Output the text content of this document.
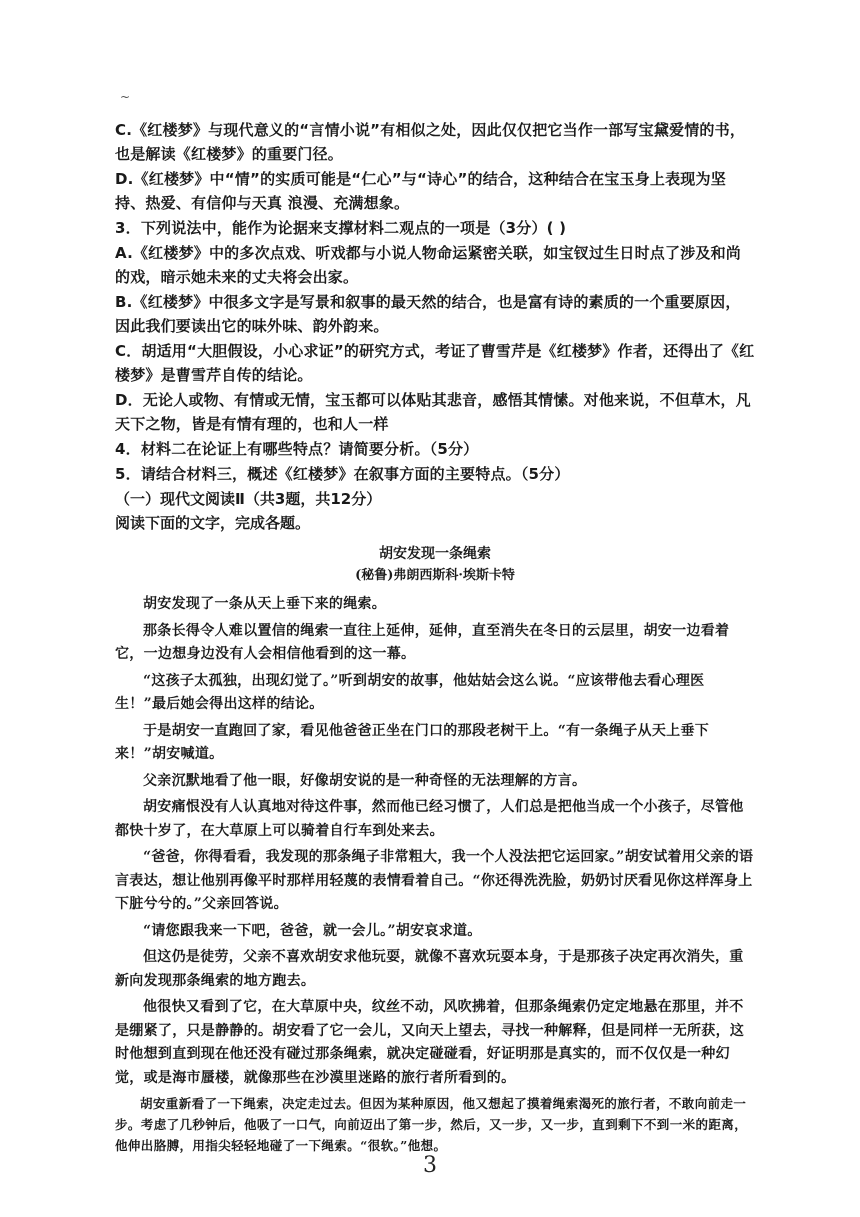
~

C.《红楼梦》与现代意义的“言情小说”有相似之处，因此仅仅把它当作一部写宝黛爱情的书，也是解读《红楼梦》的重要门径。

D.《红楼梦》中“情”的实质可能是“仁心”与“诗心”的结合，这种结合在宝玉身上表现为坚持、热爱、有信仰与天真 浪漫、充满想象。

3．下列说法中，能作为论据来支撑材料二观点的一项是（3分）( )

A.《红楼梦》中的多次点戏、听戏都与小说人物命运紧密关联，如宝钗过生日时点了涉及和尚的戏，暗示她未来的丈夫将会出家。

B.《红楼梦》中很多文字是写景和叙事的最天然的结合，也是富有诗的素质的一个重要原因，因此我们要读出它的味外味、韵外韵来。

C．胡适用“大胆假设，小心求证”的研究方式，考证了曹雪芹是《红楼梦》作者，还得出了《红楼梦》是曹雪芹自传的结论。

D．无论人或物、有情或无情，宝玉都可以体贴其悲音，感悟其情愫。对他来说，不但草木，凡天下之物，皆是有情有理的，也和人一样

4．材料二在论证上有哪些特点？请简要分析。（5分）

5．请结合材料三，概述《红楼梦》在叙事方面的主要特点。（5分）

（一）现代文阅读Ⅱ（共3题，共12分）

阅读下面的文字，完成各题。

胡安发现一条绳索

(秘鲁)弗朗西斯科·埃斯卡特

胡安发现了一条从天上垂下来的绳索。

那条长得令人难以置信的绳索一直往上延伸，延伸，直至消失在冬日的云层里，胡安一边看着它，一边想身边没有人会相信他看到的这一幕。

“这孩子太孤独，出现幻觉了。”听到胡安的故事，他姑姑会这么说。“应该带他去看心理医生！”最后她会得出这样的结论。

于是胡安一直跑回了家，看见他爸爸正坐在门口的那段老树干上。“有一条绳子从天上垂下来！”胡安喊道。

父亲沉默地看了他一眼，好像胡安说的是一种奇怪的无法理解的方言。

胡安痛恨没有人认真地对待这件事，然而他已经习惯了，人们总是把他当成一个小孩子，尽管他都快十岁了，在大草原上可以骑着自行车到处来去。

“爸爸，你得看看，我发现的那条绳子非常粗大，我一个人没法把它运回家。”胡安试着用父亲的语言表达，想让他别再像平时那样用轻蔑的表情看着自己。“你还得洗洗脸，奶奶讨厌看见你这样浑身上下脏兮兮的。”父亲回答说。

“请您跟我来一下吧，爸爸，就一会儿。”胡安哀求道。

但这仍是徒劳，父亲不喜欢胡安求他玩耍，就像不喜欢玩耍本身，于是那孩子决定再次消失，重新向发现那条绳索的地方跑去。

他很快又看到了它，在大草原中央，纹丝不动，风吹拂着，但那条绳索仍定定地悬在那里，并不是绷紧了，只是静静的。胡安看了它一会儿，又向天上望去，寻找一种解释，但是同样一无所获，这时他想到直到现在他还没有碰过那条绳索，就决定碰碰看，好证明那是真实的，而不仅仅是一种幻觉，或是海市蜃楼，就像那些在沙漠里迷路的旅行者所看到的。

胡安重新看了一下绳索，决定走过去。但因为某种原因，他又想起了摸着绳索渴死的旅行者，不敢向前走一步。考虑了几秒钟后，他吸了一口气，向前迈出了第一步，然后，又一步，又一步，直到剩下不到一米的距离，他伸出胳膊，用指尖轻轻地碰了一下绳索。“很软。”他想。

3
